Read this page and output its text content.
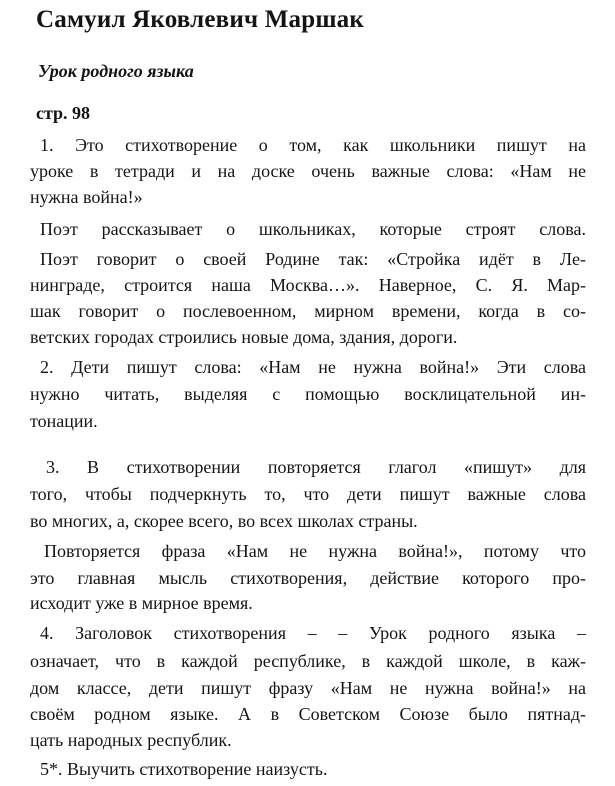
Самуил Яковлевич Маршак
Урок родного языка
стр. 98

1. Это стихотворение о том, как школьники пишут на

уроке в тетради и на доске очень важные слова: «Нам не

нужна война!»

Поэт рассказывает о школьниках, которые строят слова.

Поэт говорит о своей Родине так: «Стройка идёт в Ле-

нинграде, строится наша Москва…». Наверное, С. Я. Мар-

шак говорит о послевоенном, мирном времени, когда в со-

ветских городах строились новые дома, здания, дороги.

2. Дети пишут слова: «Нам не нужна война!» Эти слова

нужно читать, выделяя с помощью восклицательной ин-

тонации.

3. В стихотворении повторяется глагол «пишут» для

того, чтобы подчеркнуть то, что дети пишут важные слова

во многих, а, скорее всего, во всех школах страны.

Повторяется фраза «Нам не нужна война!», потому что

это главная мысль стихотворения, действие которого про-

исходит уже в мирное время.

4. Заголовок стихотворения – – Урок родного языка –

означает, что в каждой республике, в каждой школе, в каж-

дом классе, дети пишут фразу «Нам не нужна война!» на

своём родном языке. А в Советском Союзе было пятнад-

цать народных республик.

5*. Выучить стихотворение наизусть.
